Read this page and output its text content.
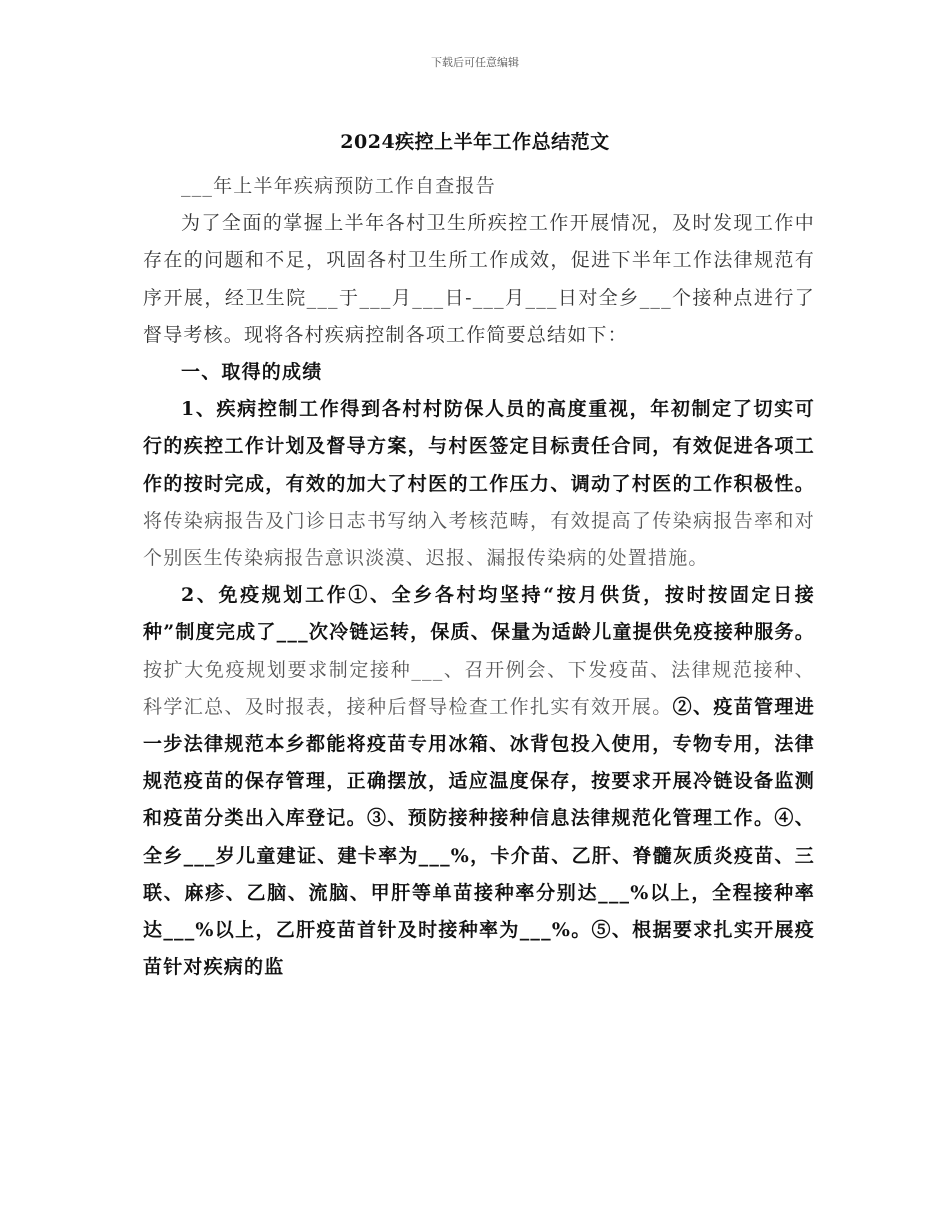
下载后可任意编辑
2024疾控上半年工作总结范文

___年上半年疾病预防工作自查报告

为了全面的掌握上半年各村卫生所疾控工作开展情况，及时发现工作中存在的问题和不足，巩固各村卫生所工作成效，促进下半年工作法律规范有序开展，经卫生院___于___月___日-___月___日对全乡___个接种点进行了督导考核。现将各村疾病控制各项工作简要总结如下：

一、取得的成绩

1、疾病控制工作得到各村村防保人员的高度重视，年初制定了切实可行的疾控工作计划及督导方案，与村医签定目标责任合同，有效促进各项工作的按时完成，有效的加大了村医的工作压力、调动了村医的工作积极性。将传染病报告及门诊日志书写纳入考核范畴，有效提高了传染病报告率和对个别医生传染病报告意识淡漠、迟报、漏报传染病的处置措施。

2、免疫规划工作①、全乡各村均坚持“按月供货，按时按固定日接种”制度完成了___次冷链运转，保质、保量为适龄儿童提供免疫接种服务。按扩大免疫规划要求制定接种___、召开例会、下发疫苗、法律规范接种、科学汇总、及时报表，接种后督导检查工作扎实有效开展。②、疫苗管理进一步法律规范本乡都能将疫苗专用冰箱、冰背包投入使用，专物专用，法律规范疫苗的保存管理，正确摆放，适应温度保存，按要求开展冷链设备监测和疫苗分类出入库登记。③、预防接种接种信息法律规范化管理工作。④、全乡___岁儿童建证、建卡率为___%，卡介苗、乙肝、脊髓灰质炎疫苗、三联、麻疹、乙脑、流脑、甲肝等单苗接种率分别达___%以上，全程接种率达___%以上，乙肝疫苗首针及时接种率为___%。⑤、根据要求扎实开展疫苗针对疾病的监
